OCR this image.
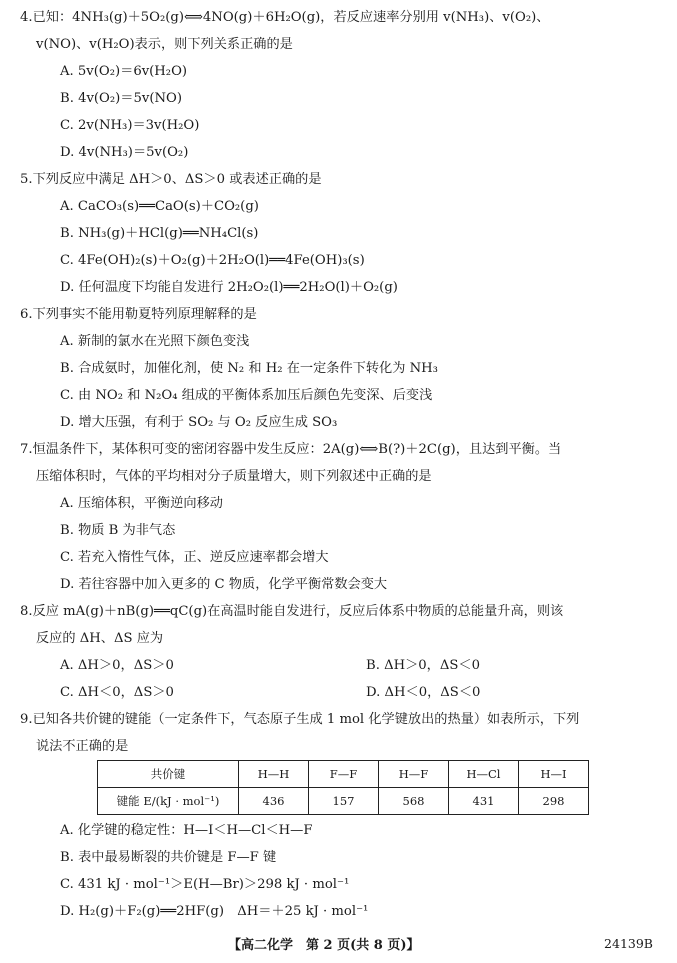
4.已知：4NH₃(g)＋5O₂(g)⟺4NO(g)＋6H₂O(g)，若反应速率分别用 v(NH₃)、v(O₂)、
v(NO)、v(H₂O)表示，则下列关系正确的是
A. 5v(O₂)＝6v(H₂O)
B. 4v(O₂)＝5v(NO)
C. 2v(NH₃)＝3v(H₂O)
D. 4v(NH₃)＝5v(O₂)
5.下列反应中满足 ΔH＞0、ΔS＞0 或表述正确的是
A. CaCO₃(s)══CaO(s)＋CO₂(g)
B. NH₃(g)＋HCl(g)══NH₄Cl(s)
C. 4Fe(OH)₂(s)＋O₂(g)＋2H₂O(l)══4Fe(OH)₃(s)
D. 任何温度下均能自发进行 2H₂O₂(l)══2H₂O(l)＋O₂(g)
6.下列事实不能用勒夏特列原理解释的是
A. 新制的氯水在光照下颜色变浅
B. 合成氨时，加催化剂，使 N₂ 和 H₂ 在一定条件下转化为 NH₃
C. 由 NO₂ 和 N₂O₄ 组成的平衡体系加压后颜色先变深、后变浅
D. 增大压强，有利于 SO₂ 与 O₂ 反应生成 SO₃
7.恒温条件下，某体积可变的密闭容器中发生反应：2A(g)⟺B(?)＋2C(g)，且达到平衡。当
压缩体积时，气体的平均相对分子质量增大，则下列叙述中正确的是
A. 压缩体积，平衡逆向移动
B. 物质 B 为非气态
C. 若充入惰性气体，正、逆反应速率都会增大
D. 若往容器中加入更多的 C 物质，化学平衡常数会变大
8.反应 mA(g)＋nB(g)══qC(g)在高温时能自发进行，反应后体系中物质的总能量升高，则该
反应的 ΔH、ΔS 应为
A. ΔH＞0，ΔS＞0	B. ΔH＞0，ΔS＜0
C. ΔH＜0，ΔS＞0	D. ΔH＜0，ΔS＜0
9.已知各共价键的键能（一定条件下，气态原子生成 1 mol 化学键放出的热量）如表所示，下列
说法不正确的是
共价键	H—H	F—F	H—F	H—Cl	H—I
键能 E/(kJ · mol⁻¹)	436	157	568	431	298
A. 化学键的稳定性：H—I＜H—Cl＜H—F
B. 表中最易断裂的共价键是 F—F 键
C. 431 kJ · mol⁻¹＞E(H—Br)＞298 kJ · mol⁻¹
D. H₂(g)＋F₂(g)══2HF(g)　ΔH＝＋25 kJ · mol⁻¹
【高二化学　第 2 页(共 8 页)】	24139B
